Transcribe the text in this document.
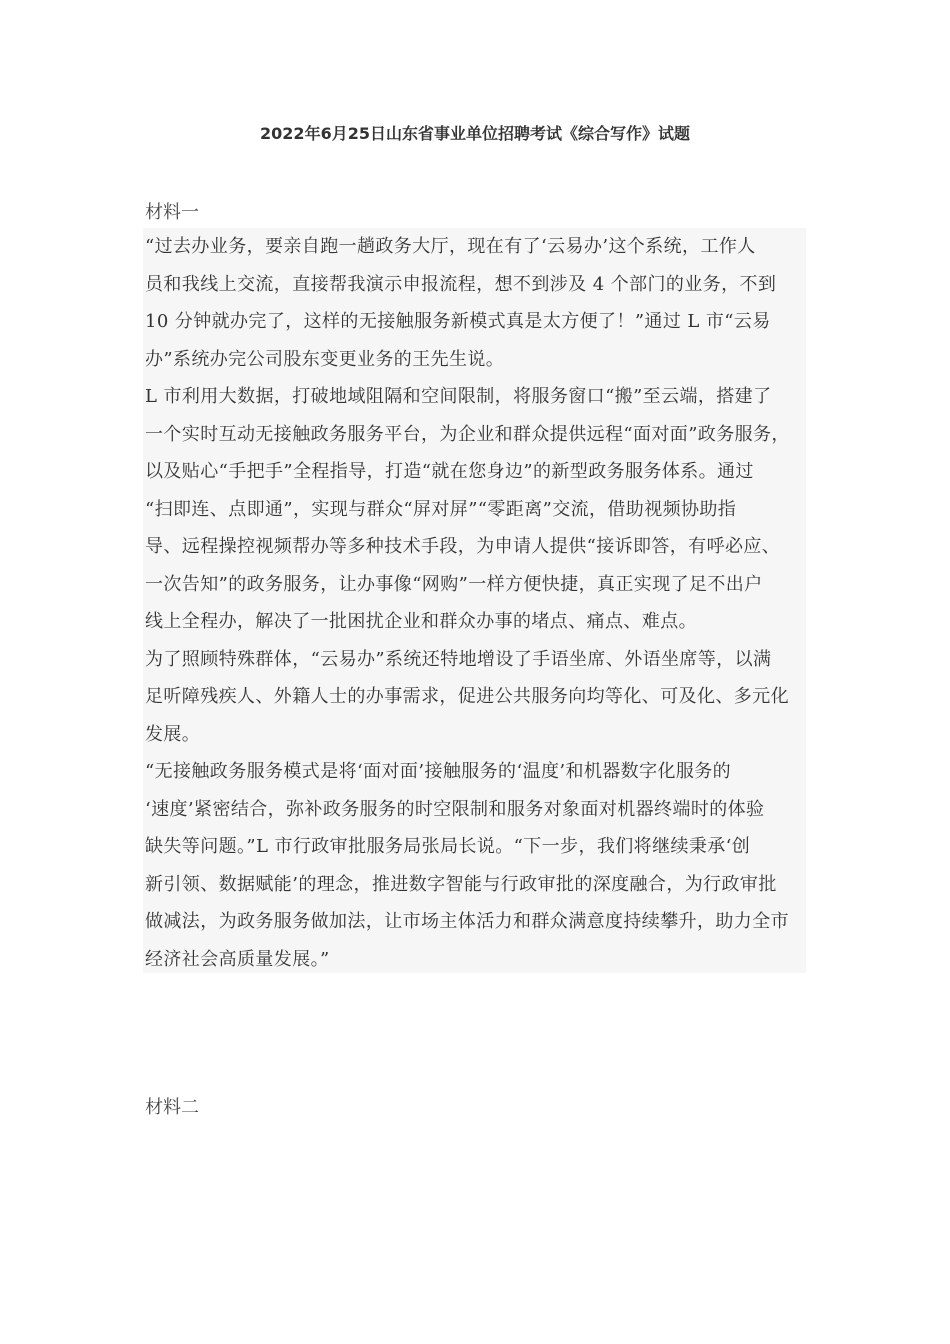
2022年6月25日山东省事业单位招聘考试《综合写作》试题
材料一
“过去办业务，要亲自跑一趟政务大厅，现在有了‘云易办’这个系统，工作人
员和我线上交流，直接帮我演示申报流程，想不到涉及 4 个部门的业务，不到
10 分钟就办完了，这样的无接触服务新模式真是太方便了！”通过 L 市“云易
办”系统办完公司股东变更业务的王先生说。
L 市利用大数据，打破地域阻隔和空间限制，将服务窗口“搬”至云端，搭建了
一个实时互动无接触政务服务平台，为企业和群众提供远程“面对面”政务服务，
以及贴心“手把手”全程指导，打造“就在您身边”的新型政务服务体系。通过
“扫即连、点即通”，实现与群众“屏对屏”“零距离”交流，借助视频协助指
导、远程操控视频帮办等多种技术手段，为申请人提供“接诉即答，有呼必应、
一次告知”的政务服务，让办事像“网购”一样方便快捷，真正实现了足不出户
线上全程办，解决了一批困扰企业和群众办事的堵点、痛点、难点。
为了照顾特殊群体，“云易办”系统还特地增设了手语坐席、外语坐席等，以满
足听障残疾人、外籍人士的办事需求，促进公共服务向均等化、可及化、多元化
发展。
“无接触政务服务模式是将‘面对面’接触服务的‘温度’和机器数字化服务的
‘速度’紧密结合，弥补政务服务的时空限制和服务对象面对机器终端时的体验
缺失等问题。”L 市行政审批服务局张局长说。“下一步，我们将继续秉承‘创
新引领、数据赋能’的理念，推进数字智能与行政审批的深度融合，为行政审批
做减法，为政务服务做加法，让市场主体活力和群众满意度持续攀升，助力全市
经济社会高质量发展。”
材料二
